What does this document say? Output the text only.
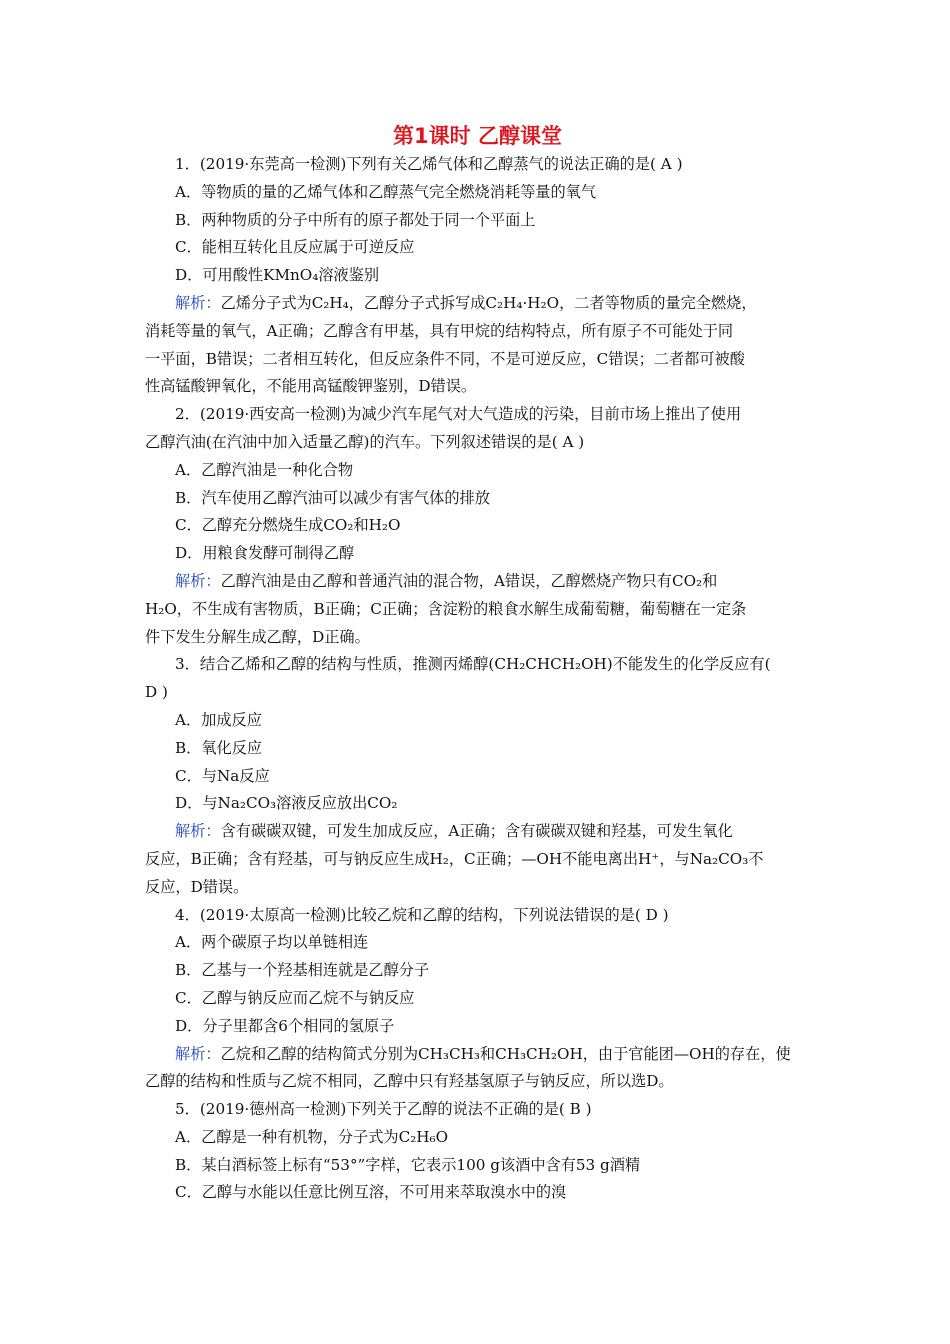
第1课时 乙醇课堂
1．(2019·东莞高一检测)下列有关乙烯气体和乙醇蒸气的说法正确的是( A )
A．等物质的量的乙烯气体和乙醇蒸气完全燃烧消耗等量的氧气
B．两种物质的分子中所有的原子都处于同一个平面上
C．能相互转化且反应属于可逆反应
D．可用酸性KMnO₄溶液鉴别
解析：乙烯分子式为C₂H₄，乙醇分子式拆写成C₂H₄·H₂O，二者等物质的量完全燃烧，
消耗等量的氧气，A正确；乙醇含有甲基，具有甲烷的结构特点，所有原子不可能处于同
一平面，B错误；二者相互转化，但反应条件不同，不是可逆反应，C错误；二者都可被酸
性高锰酸钾氧化，不能用高锰酸钾鉴别，D错误。
2．(2019·西安高一检测)为减少汽车尾气对大气造成的污染，目前市场上推出了使用
乙醇汽油(在汽油中加入适量乙醇)的汽车。下列叙述错误的是( A )
A．乙醇汽油是一种化合物
B．汽车使用乙醇汽油可以减少有害气体的排放
C．乙醇充分燃烧生成CO₂和H₂O
D．用粮食发酵可制得乙醇
解析：乙醇汽油是由乙醇和普通汽油的混合物，A错误，乙醇燃烧产物只有CO₂和
H₂O，不生成有害物质，B正确；C正确；含淀粉的粮食水解生成葡萄糖，葡萄糖在一定条
件下发生分解生成乙醇，D正确。
3．结合乙烯和乙醇的结构与性质，推测丙烯醇(CH₂CHCH₂OH)不能发生的化学反应有(
D )
A．加成反应
B．氧化反应
C．与Na反应
D．与Na₂CO₃溶液反应放出CO₂
解析：含有碳碳双键，可发生加成反应，A正确；含有碳碳双键和羟基，可发生氧化
反应，B正确；含有羟基，可与钠反应生成H₂，C正确；—OH不能电离出H⁺，与Na₂CO₃不
反应，D错误。
4．(2019·太原高一检测)比较乙烷和乙醇的结构，下列说法错误的是( D )
A．两个碳原子均以单链相连
B．乙基与一个羟基相连就是乙醇分子
C．乙醇与钠反应而乙烷不与钠反应
D．分子里都含6个相同的氢原子
解析：乙烷和乙醇的结构简式分别为CH₃CH₃和CH₃CH₂OH，由于官能团—OH的存在，使
乙醇的结构和性质与乙烷不相同，乙醇中只有羟基氢原子与钠反应，所以选D。
5．(2019·德州高一检测)下列关于乙醇的说法不正确的是( B )
A．乙醇是一种有机物，分子式为C₂H₆O
B．某白酒标签上标有“53°”字样，它表示100 g该酒中含有53 g酒精
C．乙醇与水能以任意比例互溶，不可用来萃取溴水中的溴
